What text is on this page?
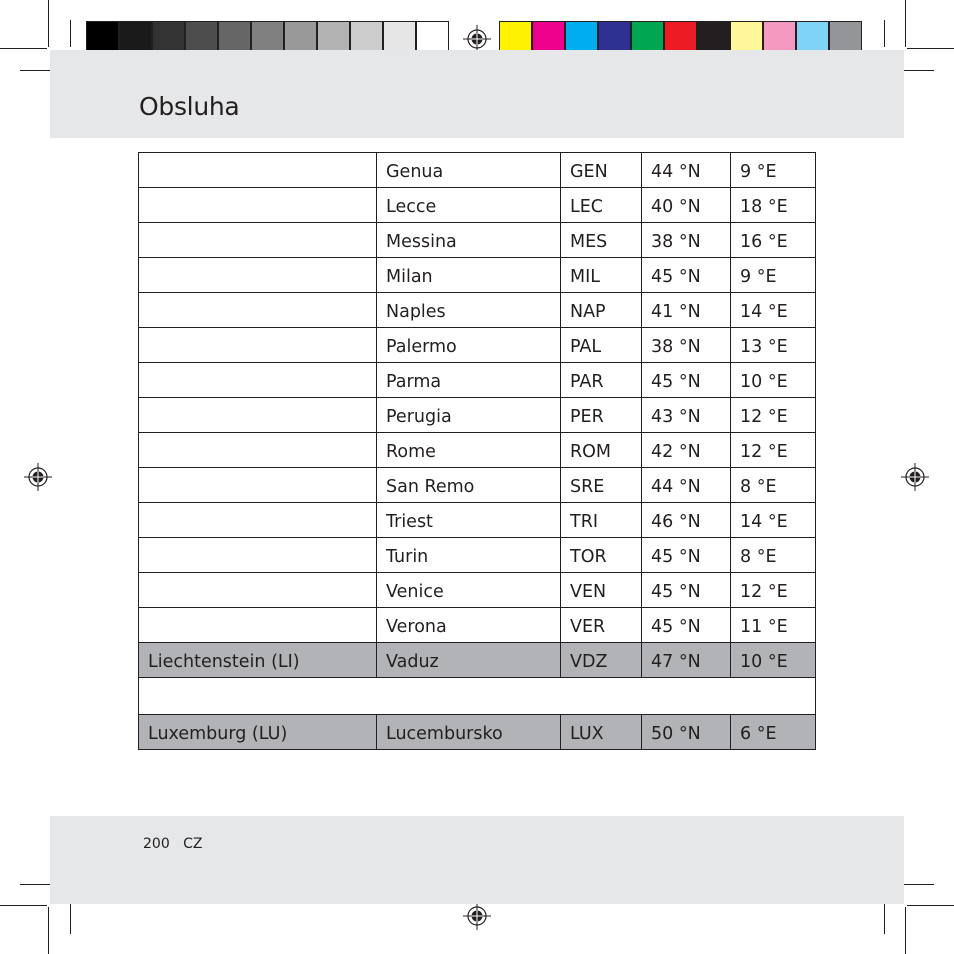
Obsluha
	Genua	GEN	44 °N	9 °E
	Lecce	LEC	40 °N	18 °E
	Messina	MES	38 °N	16 °E
	Milan	MIL	45 °N	9 °E
	Naples	NAP	41 °N	14 °E
	Palermo	PAL	38 °N	13 °E
	Parma	PAR	45 °N	10 °E
	Perugia	PER	43 °N	12 °E
	Rome	ROM	42 °N	12 °E
	San Remo	SRE	44 °N	8 °E
	Triest	TRI	46 °N	14 °E
	Turin	TOR	45 °N	8 °E
	Venice	VEN	45 °N	12 °E
	Verona	VER	45 °N	11 °E
Liechtenstein (LI)	Vaduz	VDZ	47 °N	10 °E

Luxemburg (LU)	Lucembursko	LUX	50 °N	6 °E
200 CZ
